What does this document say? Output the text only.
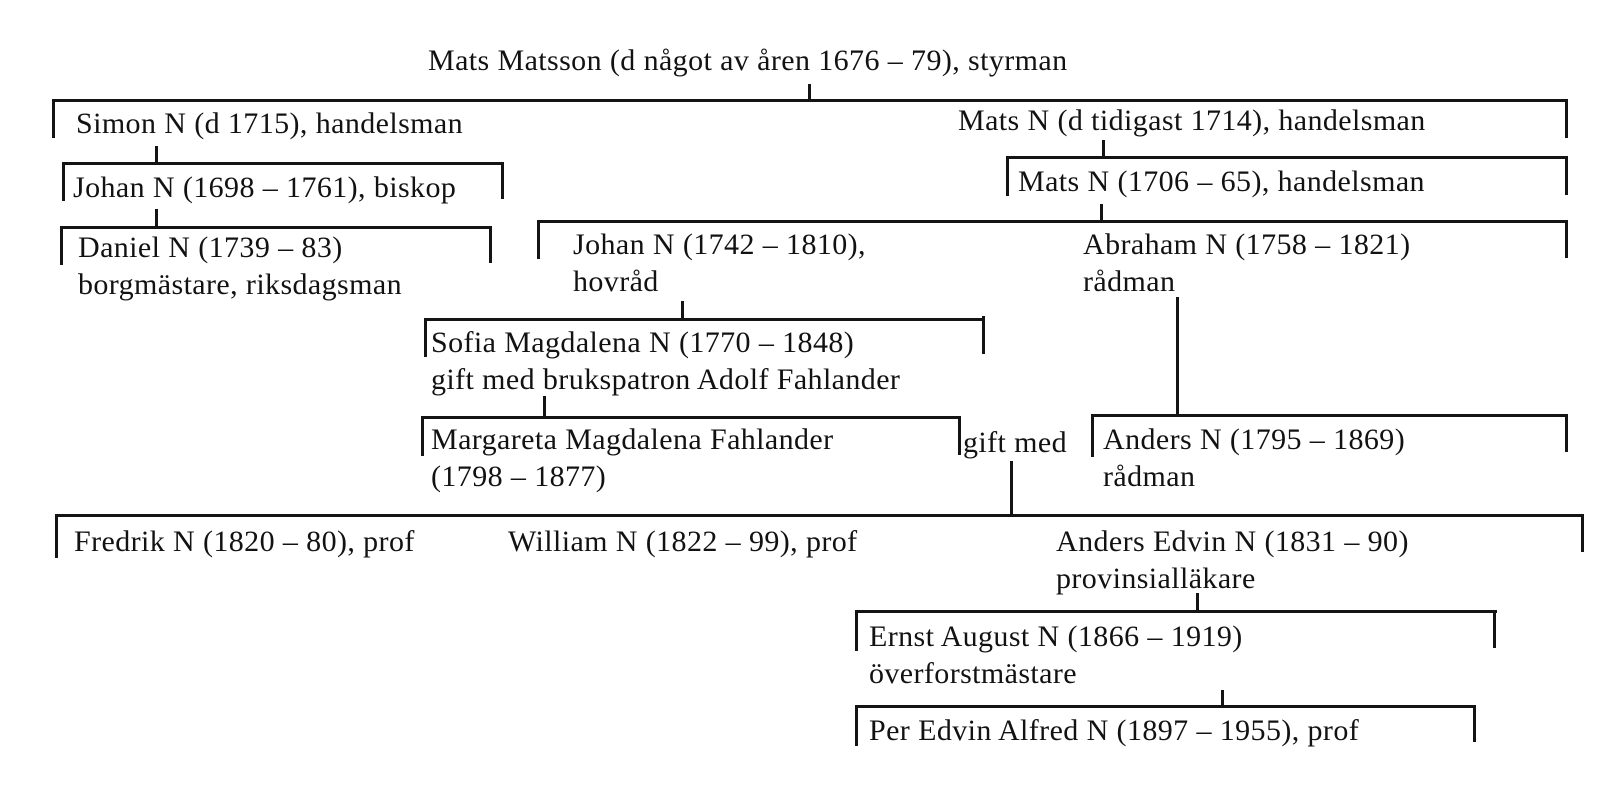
Mats Matsson (d något av åren 1676 – 79), styrman
Simon N (d 1715), handelsman	Mats N (d tidigast 1714), handelsman
Johan N (1698 – 1761), biskop	Mats N (1706 – 65), handelsman
Daniel N (1739 – 83)
borgmästare, riksdagsman
Johan N (1742 – 1810),
hovråd
Abraham N (1758 – 1821)
rådman
Sofia Magdalena N (1770 – 1848)
gift med brukspatron Adolf Fahlander
Margareta Magdalena Fahlander
(1798 – 1877)
gift med Anders N (1795 – 1869)
rådman
Fredrik N (1820 – 80), prof	William N (1822 – 99), prof	Anders Edvin N (1831 – 90)
provinsialläkare
Ernst August N (1866 – 1919)
överforstmästare
Per Edvin Alfred N (1897 – 1955), prof
